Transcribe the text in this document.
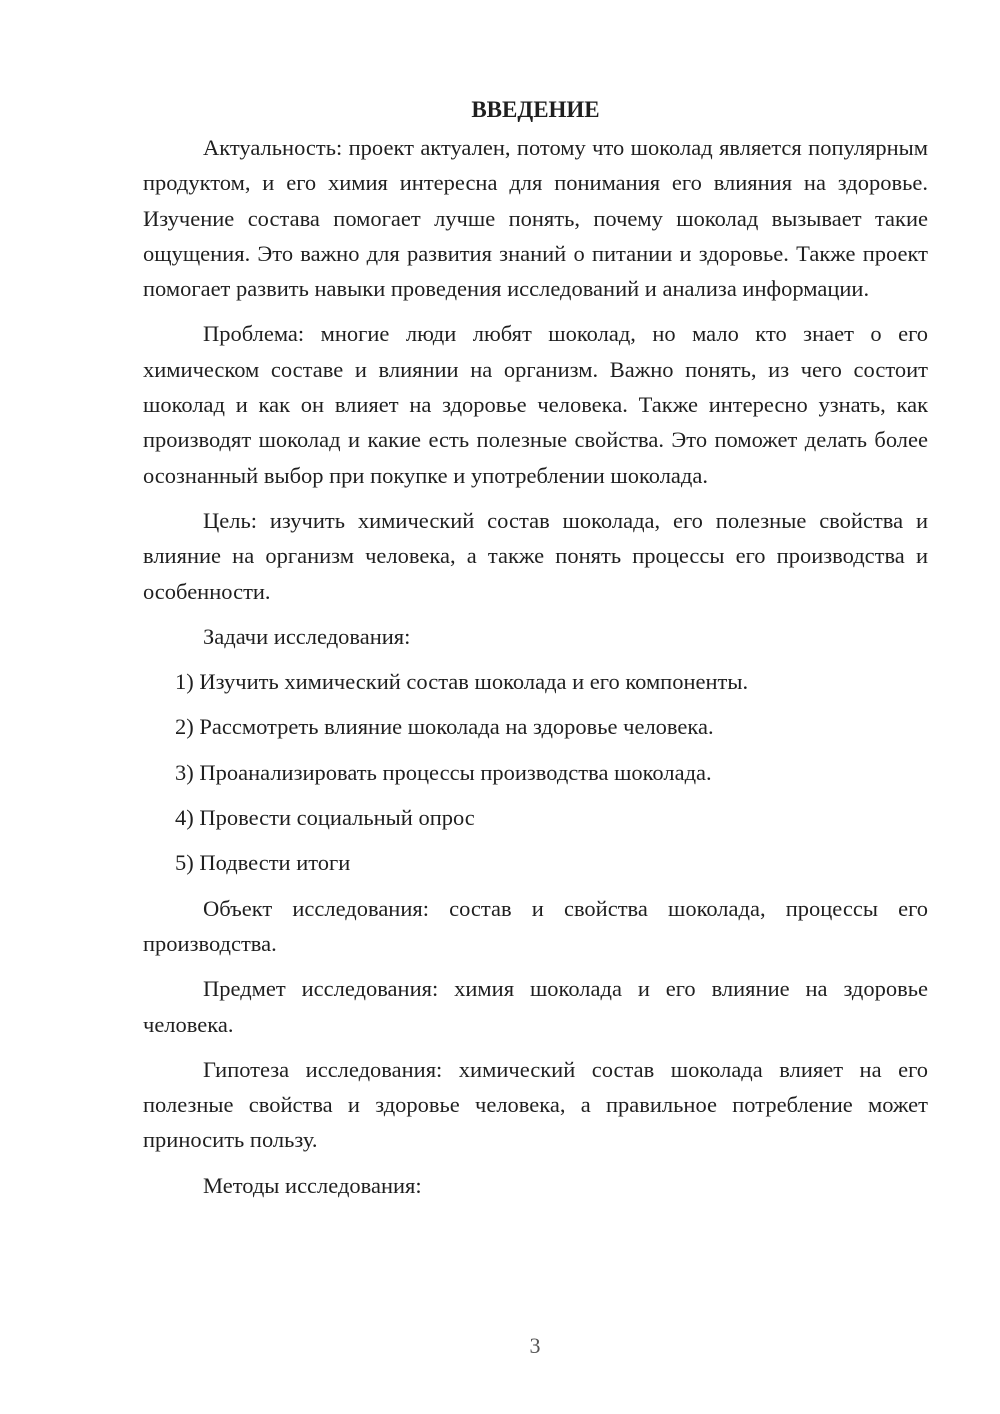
ВВЕДЕНИЕ

Актуальность: проект актуален, потому что шоколад является популярным продуктом, и его химия интересна для понимания его влияния на здоровье. Изучение состава помогает лучше понять, почему шоколад вызывает такие ощущения. Это важно для развития знаний о питании и здоровье. Также проект помогает развить навыки проведения исследований и анализа информации.

Проблема: многие люди любят шоколад, но мало кто знает о его химическом составе и влиянии на организм. Важно понять, из чего состоит шоколад и как он влияет на здоровье человека. Также интересно узнать, как производят шоколад и какие есть полезные свойства. Это поможет делать более осознанный выбор при покупке и употреблении шоколада.

Цель: изучить химический состав шоколада, его полезные свойства и влияние на организм человека, а также понять процессы его производства и особенности.

Задачи исследования:

1) Изучить химический состав шоколада и его компоненты.

2) Рассмотреть влияние шоколада на здоровье человека.

3) Проанализировать процессы производства шоколада.

4) Провести социальный опрос

5) Подвести итоги

Объект исследования: состав и свойства шоколада, процессы его производства.

Предмет исследования: химия шоколада и его влияние на здоровье человека.

Гипотеза исследования: химический состав шоколада влияет на его полезные свойства и здоровье человека, а правильное потребление может приносить пользу.

Методы исследования:

3
